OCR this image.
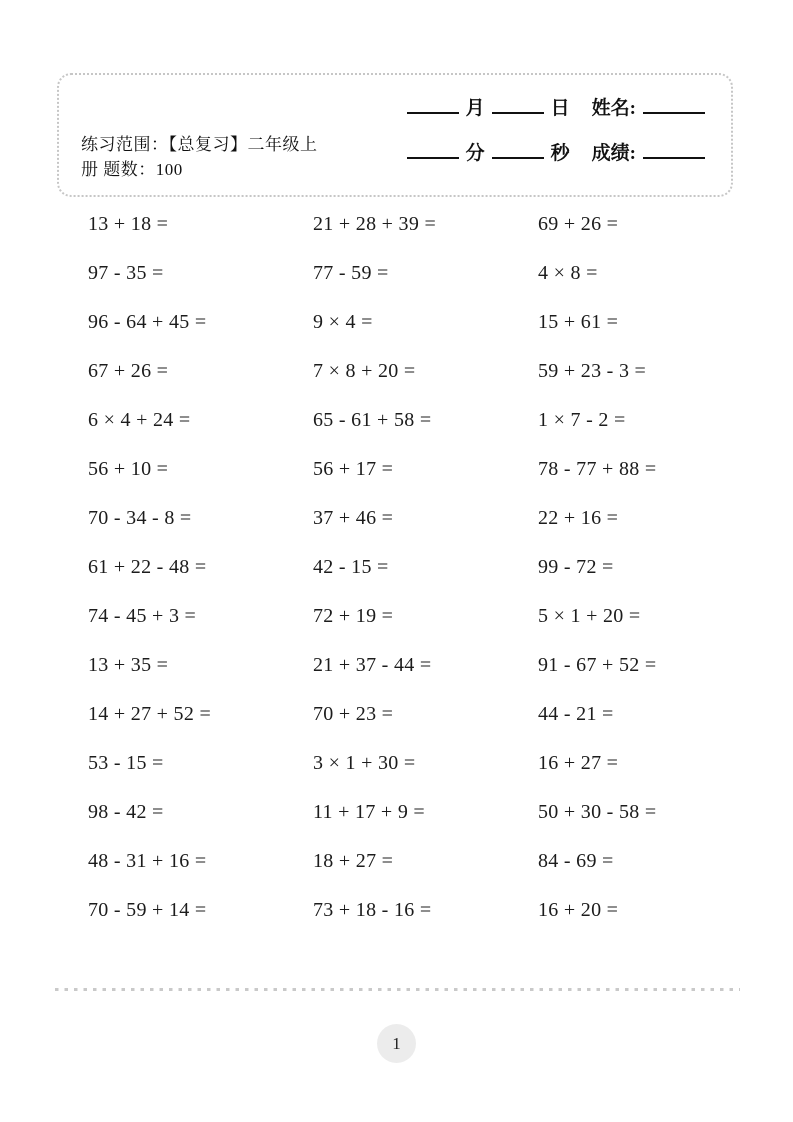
练习范围：【总复习】二年级上
册 题数：100
月	日 姓名:
分	秒 成绩:
13 + 18 =	21 + 28 + 39 =	69 + 26 =
97 - 35 =	77 - 59 =	4 × 8 =
96 - 64 + 45 =	9 × 4 =	15 + 61 =
67 + 26 =	7 × 8 + 20 =	59 + 23 - 3 =
6 × 4 + 24 =	65 - 61 + 58 =	1 × 7 - 2 =
56 + 10 =	56 + 17 =	78 - 77 + 88 =
70 - 34 - 8 =	37 + 46 =	22 + 16 =
61 + 22 - 48 =	42 - 15 =	99 - 72 =
74 - 45 + 3 =	72 + 19 =	5 × 1 + 20 =
13 + 35 =	21 + 37 - 44 =	91 - 67 + 52 =
14 + 27 + 52 =	70 + 23 =	44 - 21 =
53 - 15 =	3 × 1 + 30 =	16 + 27 =
98 - 42 =	11 + 17 + 9 =	50 + 30 - 58 =
48 - 31 + 16 =	18 + 27 =	84 - 69 =
70 - 59 + 14 =	73 + 18 - 16 =	16 + 20 =
1
